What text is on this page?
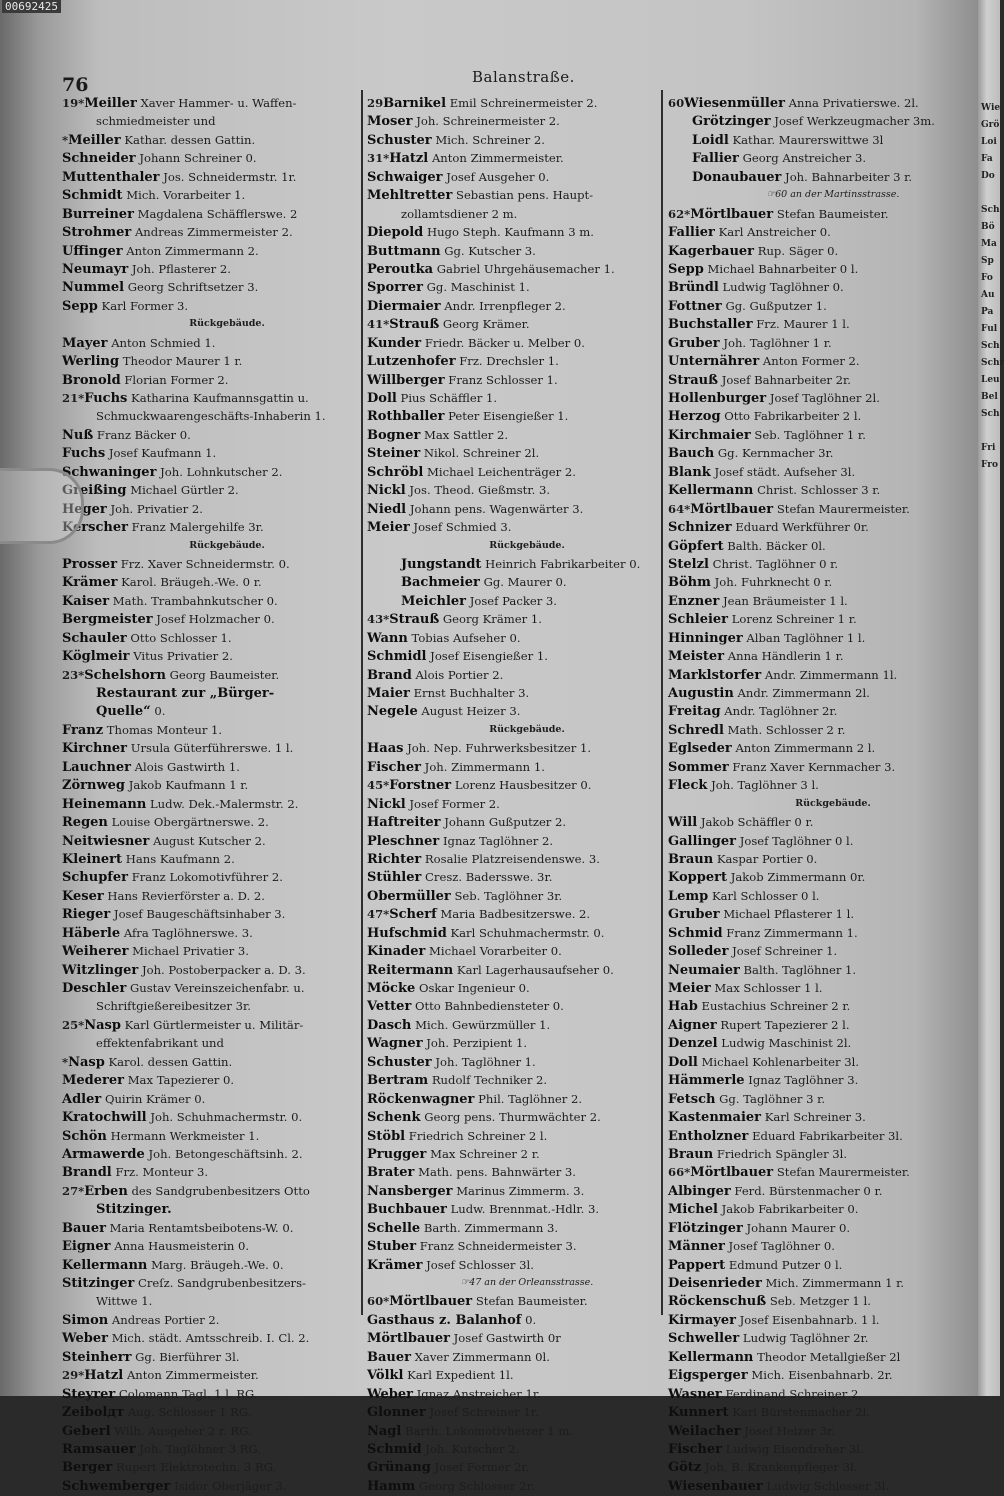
00692425
76	Balanstraße.
19*Meiller Xaver Hammer- u. Waffen-
schmiedmeister und
*Meiller Kathar. dessen Gattin.
Schneider Johann Schreiner 0.
Muttenthaler Jos. Schneidermstr. 1r.
Schmidt Mich. Vorarbeiter 1.
Burreiner Magdalena Schäfflerswe. 2
Strohmer Andreas Zimmermeister 2.
Uffinger Anton Zimmermann 2.
Neumayr Joh. Pflasterer 2.
Nummel Georg Schriftsetzer 3.
Sepp Karl Former 3.
Rückgebäude.
Mayer Anton Schmied 1.
Werling Theodor Maurer 1 r.
Bronold Florian Former 2.
21*Fuchs Katharina Kaufmannsgattin u.
Schmuckwaarengeschäfts-Inhaberin 1.
Nuß Franz Bäcker 0.
Fuchs Josef Kaufmann 1.
Schwaninger Joh. Lohnkutscher 2.
Greißing Michael Gürtler 2.
Heger Joh. Privatier 2.
Kerscher Franz Malergehilfe 3r.
Rückgebäude.
Prosser Frz. Xaver Schneidermstr. 0.
Krämer Karol. Bräugeh.-We. 0 r.
Kaiser Math. Trambahnkutscher 0.
Bergmeister Josef Holzmacher 0.
Schauler Otto Schlosser 1.
Köglmeir Vitus Privatier 2.
23*Schelshorn Georg Baumeister.
Restaurant zur „Bürger-
Quelle“ 0.
Franz Thomas Monteur 1.
Kirchner Ursula Güterführerswe. 1 l.
Lauchner Alois Gastwirth 1.
Zörnweg Jakob Kaufmann 1 r.
Heinemann Ludw. Dek.-Malermstr. 2.
Regen Louise Obergärtnerswe. 2.
Neitwiesner August Kutscher 2.
Kleinert Hans Kaufmann 2.
Schupfer Franz Lokomotivführer 2.
Keser Hans Revierförster a. D. 2.
Rieger Josef Baugeschäftsinhaber 3.
Häberle Afra Taglöhnerswe. 3.
Weiherer Michael Privatier 3.
Witzlinger Joh. Postoberpacker a. D. 3.
Deschler Gustav Vereinszeichenfabr. u.
Schriftgießereibesitzer 3r.
25*Nasp Karl Gürtlermeister u. Militär-
effektenfabrikant und
*Nasp Karol. dessen Gattin.
Mederer Max Tapezierer 0.
Adler Quirin Krämer 0.
Kratochwill Joh. Schuhmachermstr. 0.
Schön Hermann Werkmeister 1.
Armawerde Joh. Betongeschäftsinh. 2.
Brandl Frz. Monteur 3.
27*Erben des Sandgrubenbesitzers Otto
Stitzinger.
Bauer Maria Rentamtsbeibotens-W. 0.
Eigner Anna Hausmeisterin 0.
Kellermann Marg. Bräugeh.-We. 0.
Stitzinger Creſz. Sandgrubenbesitzers-
Wittwe 1.
Simon Andreas Portier 2.
Weber Mich. städt. Amtsschreib. I. Cl. 2.
Steinherr Gg. Bierführer 3l.
29*Hatzl Anton Zimmermeister.
Steyrer Colomann Tagl. 1 l. RG.
Zeibolдт Aug. Schlosser 1 RG.
Geberl Wilh. Ausgeher 2 r. RG.
Ramsauer Joh. Taglöhner 3 RG.
Berger Rupert Elektrotechn. 3 RG.
Schwemberger Isidor Oberjäger 3.
29Barnikel Emil Schreinermeister 2.
Moser Joh. Schreinermeister 2.
Schuster Mich. Schreiner 2.
31*Hatzl Anton Zimmermeister.
Schwaiger Josef Ausgeher 0.
Mehltretter Sebastian pens. Haupt-
zollamtsdiener 2 m.
Diepold Hugo Steph. Kaufmann 3 m.
Buttmann Gg. Kutscher 3.
Peroutka Gabriel Uhrgehäusemacher 1.
Sporrer Gg. Maschinist 1.
Diermaier Andr. Irrenpfleger 2.
41*Strauß Georg Krämer.
Kunder Friedr. Bäcker u. Melber 0.
Lutzenhofer Frz. Drechsler 1.
Willberger Franz Schlosser 1.
Doll Pius Schäffler 1.
Rothballer Peter Eisengießer 1.
Bogner Max Sattler 2.
Steiner Nikol. Schreiner 2l.
Schröbl Michael Leichenträger 2.
Nickl Jos. Theod. Gießmstr. 3.
Niedl Johann pens. Wagenwärter 3.
Meier Josef Schmied 3.
Rückgebäude.
Jungstandt Heinrich Fabrikarbeiter 0.
Bachmeier Gg. Maurer 0.
Meichler Josef Packer 3.
43*Strauß Georg Krämer 1.
Wann Tobias Aufseher 0.
Schmidl Josef Eisengießer 1.
Brand Alois Portier 2.
Maier Ernst Buchhalter 3.
Negele August Heizer 3.
Rückgebäude.
Haas Joh. Nep. Fuhrwerksbesitzer 1.
Fischer Joh. Zimmermann 1.
45*Forstner Lorenz Hausbesitzer 0.
Nickl Josef Former 2.
Haftreiter Johann Gußputzer 2.
Pleschner Ignaz Taglöhner 2.
Richter Rosalie Platzreisendenswe. 3.
Stühler Cresz. Badersswe. 3r.
Obermüller Seb. Taglöhner 3r.
47*Scherf Maria Badbesitzerswe. 2.
Hufschmid Karl Schuhmachermstr. 0.
Kinader Michael Vorarbeiter 0.
Reitermann Karl Lagerhausaufseher 0.
Möcke Oskar Ingenieur 0.
Vetter Otto Bahnbediensteter 0.
Dasch Mich. Gewürzmüller 1.
Wagner Joh. Perzipient 1.
Schuster Joh. Taglöhner 1.
Bertram Rudolf Techniker 2.
Röckenwagner Phil. Taglöhner 2.
Schenk Georg pens. Thurmwächter 2.
Stöbl Friedrich Schreiner 2 l.
Prugger Max Schreiner 2 r.
Brater Math. pens. Bahnwärter 3.
Nansberger Marinus Zimmerm. 3.
Buchbauer Ludw. Brennmat.-Hdlr. 3.
Schelle Barth. Zimmermann 3.
Stuber Franz Schneidermeister 3.
Krämer Josef Schlosser 3l.
☞47 an der Orleansstrasse.
60*Mörtlbauer Stefan Baumeister.
Gasthaus z. Balanhof 0.
Mörtlbauer Josef Gastwirth 0r
Bauer Xaver Zimmermann 0l.
Völkl Karl Expedient 1l.
Weber Ignaz Anstreicher 1r.
Glonner Josef Schreiner 1r.
Nagl Barth. Lokomotivheizer 1 m.
Schmid Joh. Kutscher 2.
Grünang Josef Former 2r.
Hamm Georg Schlosser 2r.
60Wiesenmüller Anna Privatierswe. 2l.
Grötzinger Josef Werkzeugmacher 3m.
Loidl Kathar. Maurerswittwe 3l
Fallier Georg Anstreicher 3.
Donaubauer Joh. Bahnarbeiter 3 r.
☞60 an der Martinsstrasse.
62*Mörtlbauer Stefan Baumeister.
Fallier Karl Anstreicher 0.
Kagerbauer Rup. Säger 0.
Sepp Michael Bahnarbeiter 0 l.
Bründl Ludwig Taglöhner 0.
Fottner Gg. Gußputzer 1.
Buchstaller Frz. Maurer 1 l.
Gruber Joh. Taglöhner 1 r.
Unternährer Anton Former 2.
Strauß Josef Bahnarbeiter 2r.
Hollenburger Josef Taglöhner 2l.
Herzog Otto Fabrikarbeiter 2 l.
Kirchmaier Seb. Taglöhner 1 r.
Bauch Gg. Kernmacher 3r.
Blank Josef städt. Aufseher 3l.
Kellermann Christ. Schlosser 3 r.
64*Mörtlbauer Stefan Maurermeister.
Schnizer Eduard Werkführer 0r.
Göpfert Balth. Bäcker 0l.
Stelzl Christ. Taglöhner 0 r.
Böhm Joh. Fuhrknecht 0 r.
Enzner Jean Bräumeister 1 l.
Schleier Lorenz Schreiner 1 r.
Hinninger Alban Taglöhner 1 l.
Meister Anna Händlerin 1 r.
Marklstorfer Andr. Zimmermann 1l.
Augustin Andr. Zimmermann 2l.
Freitag Andr. Taglöhner 2r.
Schredl Math. Schlosser 2 r.
Eglseder Anton Zimmermann 2 l.
Sommer Franz Xaver Kernmacher 3.
Fleck Joh. Taglöhner 3 l.
Rückgebäude.
Will Jakob Schäffler 0 r.
Gallinger Josef Taglöhner 0 l.
Braun Kaspar Portier 0.
Koppert Jakob Zimmermann 0r.
Lemp Karl Schlosser 0 l.
Gruber Michael Pflasterer 1 l.
Schmid Franz Zimmermann 1.
Solleder Josef Schreiner 1.
Neumaier Balth. Taglöhner 1.
Meier Max Schlosser 1 l.
Hab Eustachius Schreiner 2 r.
Aigner Rupert Tapezierer 2 l.
Denzel Ludwig Maschinist 2l.
Doll Michael Kohlenarbeiter 3l.
Hämmerle Ignaz Taglöhner 3.
Fetsch Gg. Taglöhner 3 r.
Kastenmaier Karl Schreiner 3.
Entholzner Eduard Fabrikarbeiter 3l.
Braun Friedrich Spängler 3l.
66*Mörtlbauer Stefan Maurermeister.
Albinger Ferd. Bürstenmacher 0 r.
Michel Jakob Fabrikarbeiter 0.
Flötzinger Johann Maurer 0.
Männer Josef Taglöhner 0.
Pappert Edmund Putzer 0 l.
Deisenrieder Mich. Zimmermann 1 r.
Röckenschuß Seb. Metzger 1 l.
Kirmayer Josef Eisenbahnarb. 1 l.
Schweller Ludwig Taglöhner 2r.
Kellermann Theodor Metallgießer 2l
Eigsperger Mich. Eisenbahnarb. 2r.
Wasner Ferdinand Schreiner 2.
Kunnert Karl Bürstenmacher 2l.
Weilacher Josef Heizer 3r.
Fischer Ludwig Eisendreher 3l.
Götz Joh. B. Krankenpfleger 3l.
Wiesenbauer Ludwig Schlosser 3l.
Wie
Grö
Loi
Fa
Do

Sch
Bö
Ma
Sp
Fo
Au
Pa
Ful
Sch
Schr
Leu
Bel
Sch

Fri
Fro
